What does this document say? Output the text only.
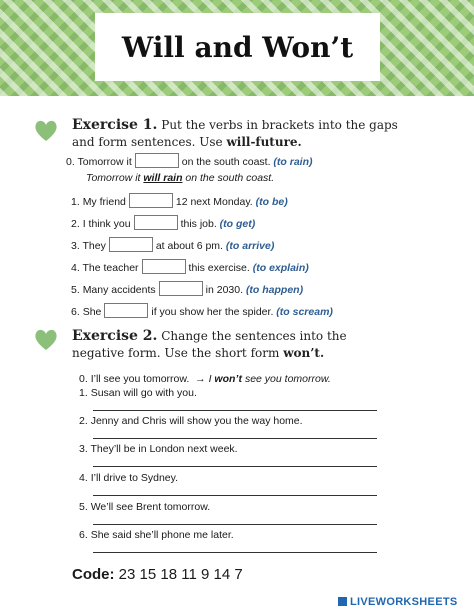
Will and Won’t
Exercise 1. Put the verbs in brackets into the gaps and form sentences. Use will-future.
0. Tomorrow it	on the south coast. (to rain)
Tomorrow it will rain on the south coast.
1. My friend	12 next Monday. (to be)
2. I think you	this job. (to get)
3. They	at about 6 pm. (to arrive)
4. The teacher	this exercise. (to explain)
5. Many accidents	in 2030. (to happen)
6. She	if you show her the spider. (to scream)
Exercise 2. Change the sentences into the negative form. Use the short form won’t.
0. I’ll see you tomorrow. → I won’t see you tomorrow.
1. Susan will go with you.
2. Jenny and Chris will show you the way home.
3. They’ll be in London next week.
4. I’ll drive to Sydney.
5. We’ll see Brent tomorrow.
6. She said she’ll phone me later.
Code: 23 15 18 11 9 14 7
LIVEWORKSHEETS
